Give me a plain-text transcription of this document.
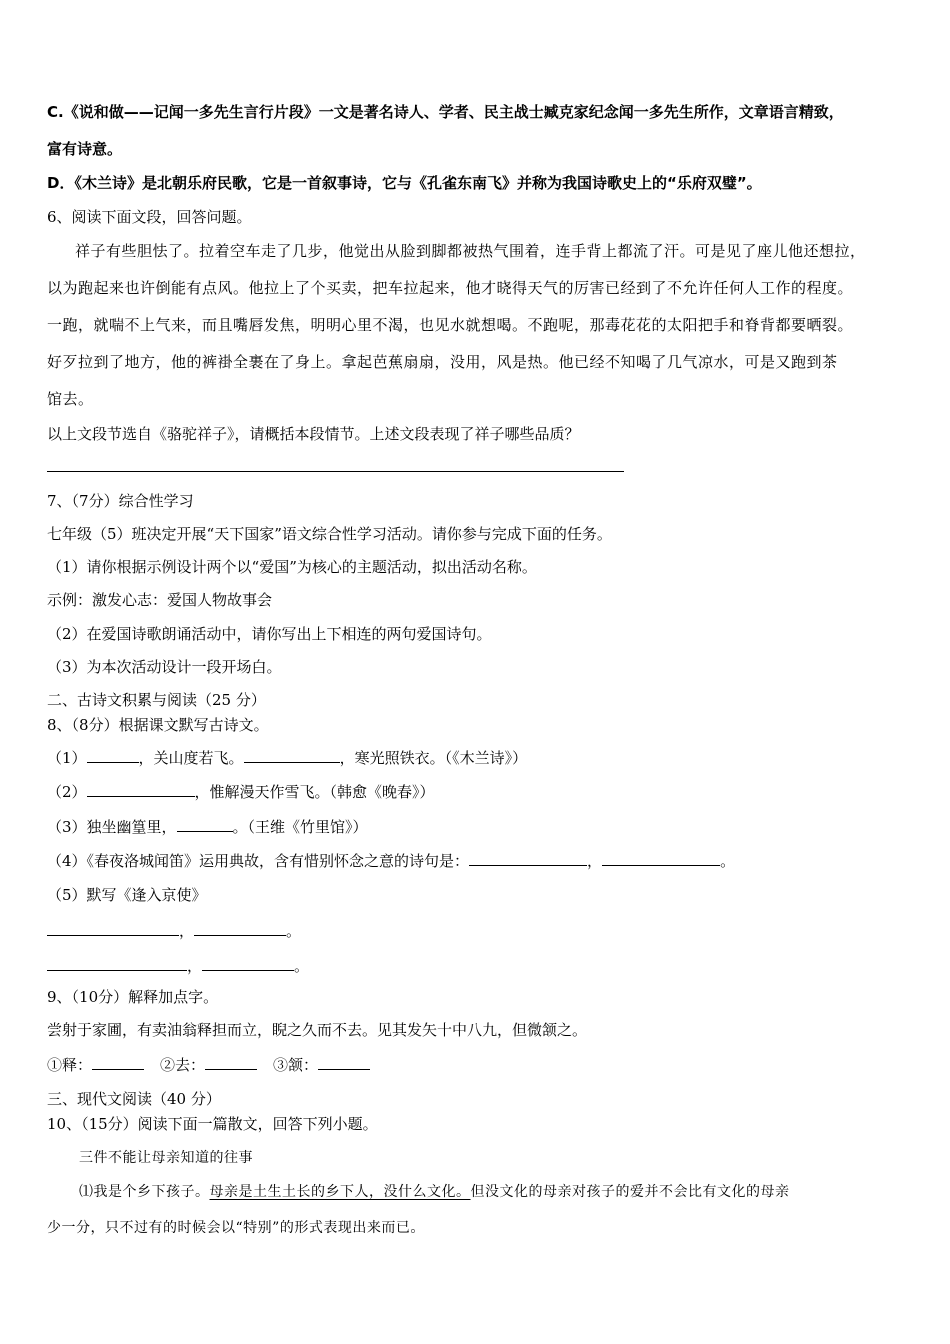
C.《说和做——记闻一多先生言行片段》一文是著名诗人、学者、民主战士臧克家纪念闻一多先生所作，文章语言精致，
富有诗意。
D．《木兰诗》是北朝乐府民歌，它是一首叙事诗，它与《孔雀东南飞》并称为我国诗歌史上的“乐府双璧”。
6、阅读下面文段，回答问题。
祥子有些胆怯了。拉着空车走了几步，他觉出从脸到脚都被热气围着，连手背上都流了汗。可是见了座儿他还想拉，
以为跑起来也许倒能有点风。他拉上了个买卖，把车拉起来，他才晓得天气的厉害已经到了不允许任何人工作的程度。
一跑，就喘不上气来，而且嘴唇发焦，明明心里不渴，也见水就想喝。不跑呢，那毒花花的太阳把手和脊背都要晒裂。
好歹拉到了地方，他的裤褂全裹在了身上。拿起芭蕉扇扇，没用，风是热。他已经不知喝了几气凉水，可是又跑到茶
馆去。
以上文段节选自《骆驼祥子》，请概括本段情节。上述文段表现了祥子哪些品质？
7、（7分）综合性学习
七年级（5）班决定开展“天下国家”语文综合性学习活动。请你参与完成下面的任务。
（1）请你根据示例设计两个以“爱国”为核心的主题活动，拟出活动名称。
示例：激发心志：爱国人物故事会
（2）在爱国诗歌朗诵活动中，请你写出上下相连的两句爱国诗句。
（3）为本次活动设计一段开场白。
二、古诗文积累与阅读（25 分）
8、（8分）根据课文默写古诗文。
（1）	，关山度若飞。	，寒光照铁衣。（《木兰诗》）
（2）	，惟解漫天作雪飞。（韩愈《晚春》）
（3）独坐幽篁里，	。（王维《竹里馆》）
（4）《春夜洛城闻笛》运用典故，含有惜别怀念之意的诗句是：	，	。
（5）默写《逢入京使》
，	。
，	。
9、（10分）解释加点字。
尝射于家圃，有卖油翁释担而立，睨之久而不去。见其发矢十中八九，但微颔之。
①释：	②去：	③颔：
三、现代文阅读（40 分）
10、（15分）阅读下面一篇散文，回答下列小题。
三件不能让母亲知道的往事
⑴我是个乡下孩子。母亲是土生土长的乡下人，没什么文化。但没文化的母亲对孩子的爱并不会比有文化的母亲
少一分，只不过有的时候会以“特别”的形式表现出来而已。
